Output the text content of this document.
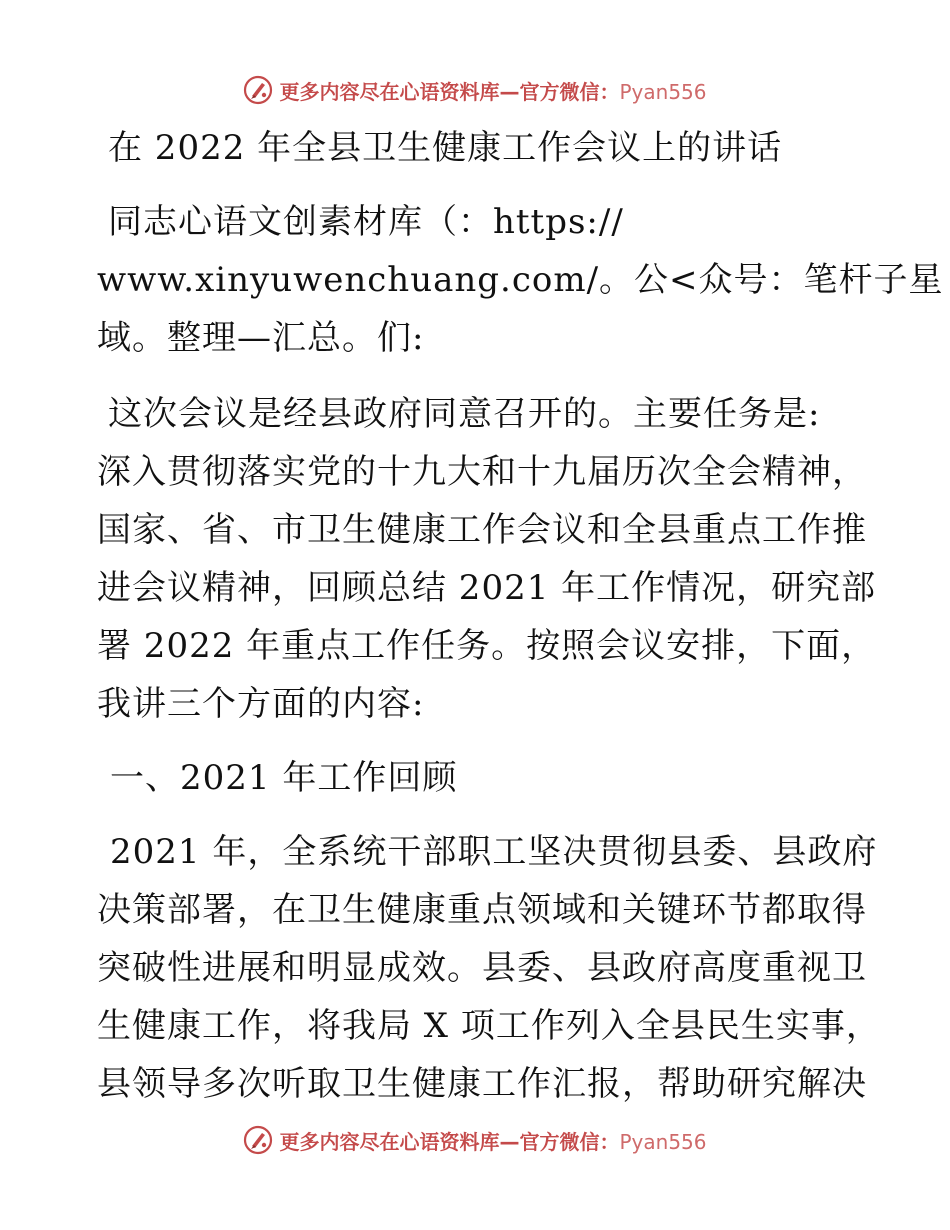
更多内容尽在心语资料库—官方微信：Pyan556
在 2022 年全县卫生健康工作会议上的讲话
同志心语文创素材库（：https://
www.xinyuwenchuang.com/。公<众号：笔杆子星
域。整理—汇总。们:
这次会议是经县政府同意召开的。主要任务是:
深入贯彻落实党的十九大和十九届历次全会精神，
国家、省、市卫生健康工作会议和全县重点工作推
进会议精神，回顾总结 2021 年工作情况，研究部
署 2022 年重点工作任务。按照会议安排，下面，
我讲三个方面的内容:
一、2021 年工作回顾
2021 年，全系统干部职工坚决贯彻县委、县政府
决策部署，在卫生健康重点领域和关键环节都取得
突破性进展和明显成效。县委、县政府高度重视卫
生健康工作，将我局 X 项工作列入全县民生实事，
县领导多次听取卫生健康工作汇报，帮助研究解决
更多内容尽在心语资料库—官方微信：Pyan556
